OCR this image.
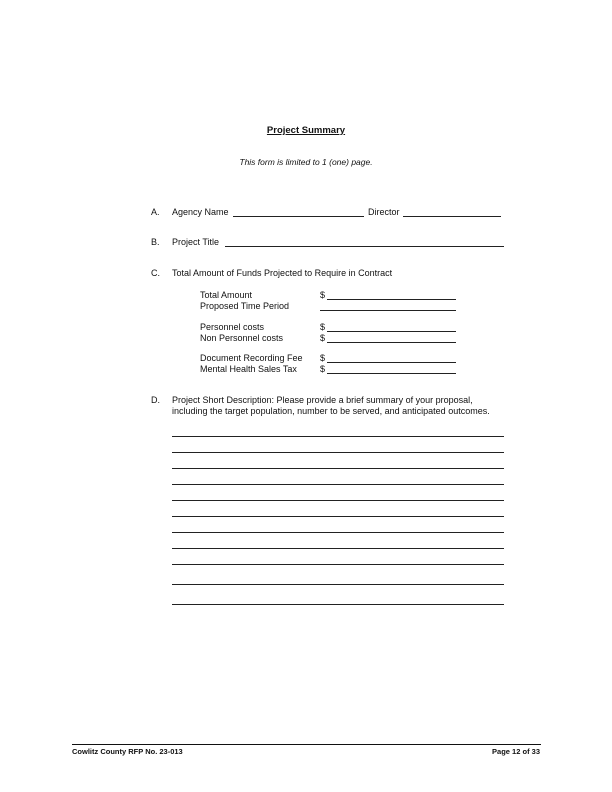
Project Summary
This form is limited to 1 (one) page.
A. Agency Name	Director
B. Project Title
C. Total Amount of Funds Projected to Require in Contract
Total Amount	$
Proposed Time Period
Personnel costs	$
Non Personnel costs	$
Document Recording Fee $
Mental Health Sales Tax	$
D. Project Short Description: Please provide a brief summary of your proposal,
including the target population, number to be served, and anticipated outcomes.
Cowlitz County RFP No. 23-013	Page 12 of 33
